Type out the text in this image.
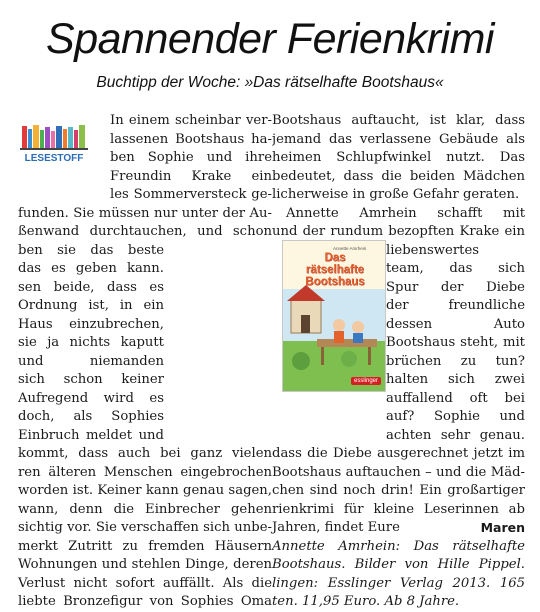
Spannender Ferienkrimi
Buchtipp der Woche: »Das rätselhafte Bootshaus«
LESESTOFF
In einem scheinbar ver-
lassenen Bootshaus ha-
ben Sophie und ihre
Freundin Krake ein
les Sommerversteck ge-
funden. Sie müssen nur unter der Au-
ßenwand durchtauchen, und schon
ben sie das beste
das es geben kann.
sen beide, dass es
Ordnung ist, in ein
Haus einzubrechen,
sie ja nichts kaputt
und niemanden
sich schon keiner
Aufregend wird es
doch, als Sophies
Einbruch meldet und
kommt, dass auch bei ganz vielen
ren älteren Menschen eingebrochen
worden ist. Keiner kann genau sagen,
wann, denn die Einbrecher gehen
sichtig vor. Sie verschaffen sich unbe-
merkt Zutritt zu fremden Häusern
Wohnungen und stehlen Dinge, deren
Verlust nicht sofort auffällt. Als die
liebte Bronzefigur von Sophies Oma
Annette Amrhein
Das
rätselhafte
Bootshaus
esslinger
Bootshaus auftaucht, ist klar, dass
jemand das verlassene Gebäude als
heimen Schlupfwinkel nutzt. Das
bedeutet, dass die beiden Mädchen
licherweise in große Gefahr geraten.
Annette Amrhein schafft mit
und der rundum bezopften Krake ein
liebenswertes
team, das sich
Spur der Diebe
der freundliche
dessen Auto
Bootshaus steht, mit
brüchen zu tun?
halten sich zwei
auffallend oft bei
auf? Sophie und
achten sehr genau.
dass die Diebe ausgerechnet jetzt im
Bootshaus auftauchen – und die Mäd-
chen sind noch drin! Ein großartiger
rienkrimi für kleine Leserinnen ab
Jahren, findet Eure	Maren
Annette Amrhein: Das rätselhafte
Bootshaus. Bilder von Hille Pippel.
lingen: Esslinger Verlag 2013. 165
ten. 11,95 Euro. Ab 8 Jahre.
